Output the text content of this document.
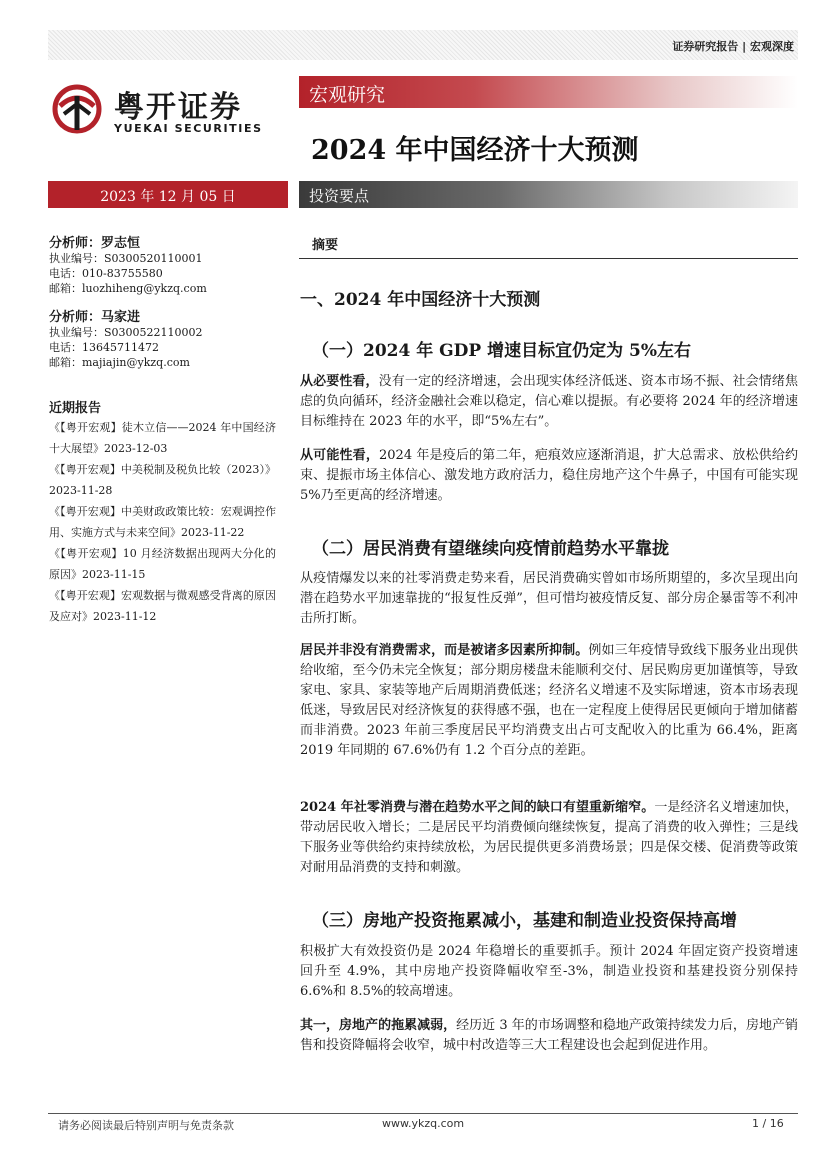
证券研究报告 | 宏观深度
粤开证券
YUEKAI SECURITIES
宏观研究
2024 年中国经济十大预测
2023 年 12 月 05 日	投资要点
分析师：罗志恒
执业编号：S0300520110001
电话：010-83755580
邮箱：luozhiheng@ykzq.com
分析师：马家进
执业编号：S0300522110002
电话：13645711472
邮箱：majiajin@ykzq.com
近期报告
《【粤开宏观】徒木立信——2024 年中国经济十大展望》2023-12-03
《【粤开宏观】中美税制及税负比较（2023）》2023-11-28
《【粤开宏观】中美财政政策比较：宏观调控作用、实施方式与未来空间》2023-11-22
《【粤开宏观】10 月经济数据出现两大分化的原因》2023-11-15
《【粤开宏观】宏观数据与微观感受背离的原因及应对》2023-11-12
摘要
一、2024 年中国经济十大预测
（一）2024 年 GDP 增速目标宜仍定为 5%左右
从必要性看，没有一定的经济增速，会出现实体经济低迷、资本市场不振、社会情绪焦虑的负向循环，经济金融社会难以稳定，信心难以提振。有必要将 2024 年的经济增速目标维持在 2023 年的水平，即“5%左右”。
从可能性看，2024 年是疫后的第二年，疤痕效应逐渐消退，扩大总需求、放松供给约束、提振市场主体信心、激发地方政府活力，稳住房地产这个牛鼻子，中国有可能实现 5%乃至更高的经济增速。
（二）居民消费有望继续向疫情前趋势水平靠拢
从疫情爆发以来的社零消费走势来看，居民消费确实曾如市场所期望的，多次呈现出向潜在趋势水平加速靠拢的“报复性反弹”，但可惜均被疫情反复、部分房企暴雷等不利冲击所打断。
居民并非没有消费需求，而是被诸多因素所抑制。例如三年疫情导致线下服务业出现供给收缩，至今仍未完全恢复；部分期房楼盘未能顺利交付、居民购房更加谨慎等，导致家电、家具、家装等地产后周期消费低迷；经济名义增速不及实际增速，资本市场表现低迷，导致居民对经济恢复的获得感不强，也在一定程度上使得居民更倾向于增加储蓄而非消费。2023 年前三季度居民平均消费支出占可支配收入的比重为 66.4%，距离 2019 年同期的 67.6%仍有 1.2 个百分点的差距。
2024 年社零消费与潜在趋势水平之间的缺口有望重新缩窄。一是经济名义增速加快，带动居民收入增长；二是居民平均消费倾向继续恢复，提高了消费的收入弹性；三是线下服务业等供给约束持续放松，为居民提供更多消费场景；四是保交楼、促消费等政策对耐用品消费的支持和刺激。
（三）房地产投资拖累减小，基建和制造业投资保持高增
积极扩大有效投资仍是 2024 年稳增长的重要抓手。预计 2024 年固定资产投资增速回升至 4.9%，其中房地产投资降幅收窄至-3%，制造业投资和基建投资分别保持 6.6%和 8.5%的较高增速。
其一，房地产的拖累减弱，经历近 3 年的市场调整和稳地产政策持续发力后，房地产销售和投资降幅将会收窄，城中村改造等三大工程建设也会起到促进作用。
请务必阅读最后特别声明与免责条款	www.ykzq.com	1 / 16
